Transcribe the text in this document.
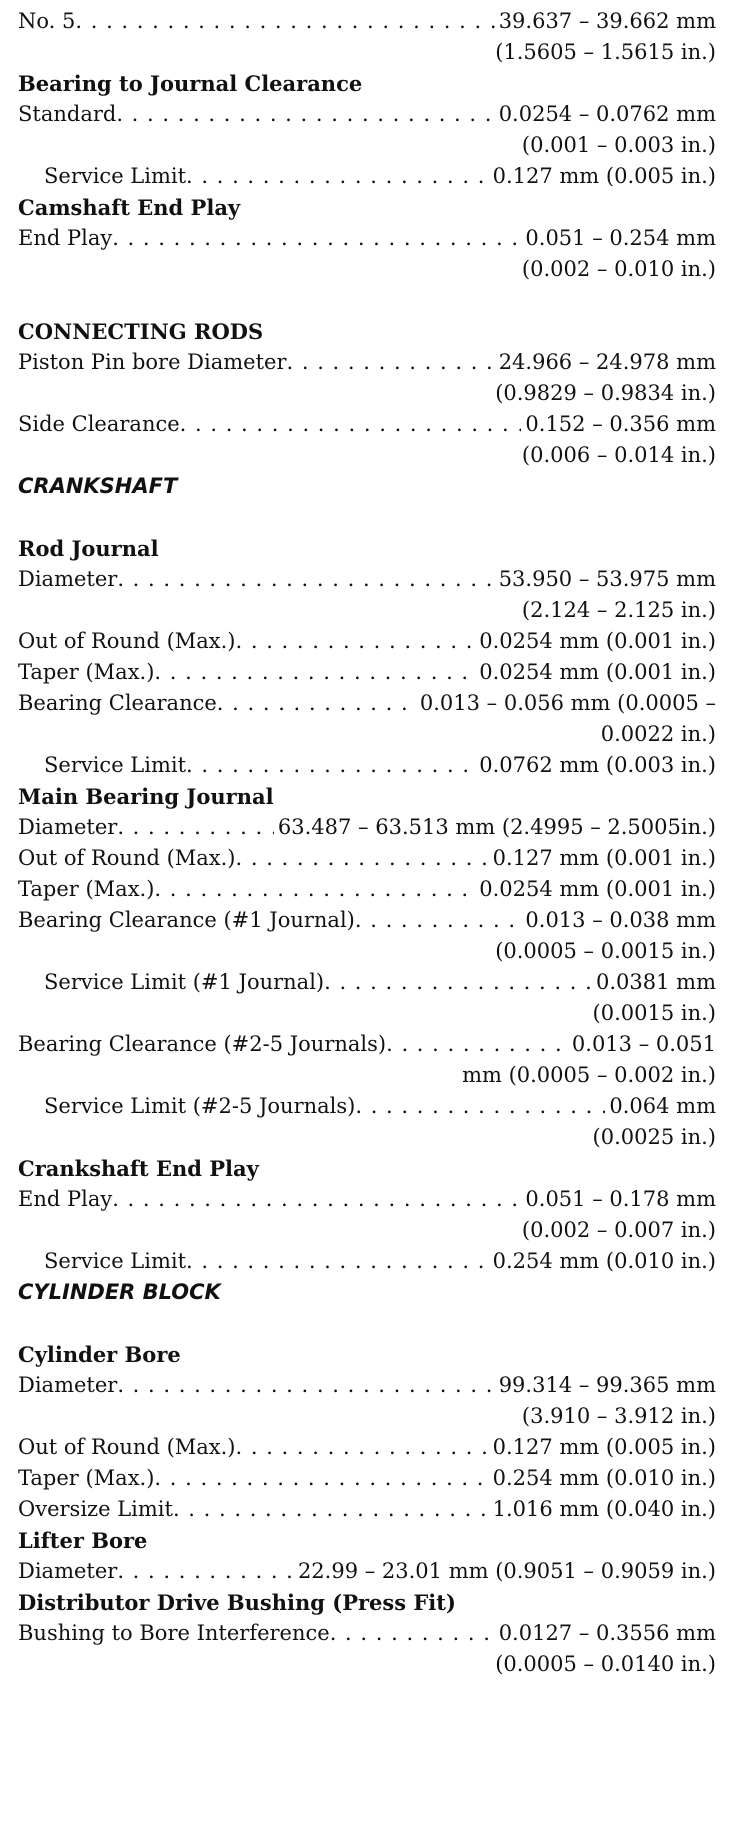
No. 5 . . .	39.637 – 39.662 mm
(1.5605 – 1.5615 in.)
Bearing to Journal Clearance
Standard . . .	0.0254 – 0.0762 mm
(0.001 – 0.003 in.)
Service Limit . . .	0.127 mm (0.005 in.)
Camshaft End Play
End Play . . .	0.051 – 0.254 mm
(0.002 – 0.010 in.)
CONNECTING RODS
Piston Pin bore Diameter . . .	24.966 – 24.978 mm
(0.9829 – 0.9834 in.)
Side Clearance . . .	0.152 – 0.356 mm
(0.006 – 0.014 in.)
CRANKSHAFT
Rod Journal
Diameter . . .	53.950 – 53.975 mm
(2.124 – 2.125 in.)
Out of Round (Max.) . . .	0.0254 mm (0.001 in.)
Taper (Max.) . . .	0.0254 mm (0.001 in.)
Bearing Clearance . . .	0.013 – 0.056 mm (0.0005 –
0.0022 in.)
Service Limit . . .	0.0762 mm (0.003 in.)
Main Bearing Journal
Diameter . . .	63.487 – 63.513 mm (2.4995 – 2.5005in.)
Out of Round (Max.) . . .	0.127 mm (0.001 in.)
Taper (Max.) . . .	0.0254 mm (0.001 in.)
Bearing Clearance (#1 Journal) . . .	0.013 – 0.038 mm
(0.0005 – 0.0015 in.)
Service Limit (#1 Journal) . . .	0.0381 mm
(0.0015 in.)
Bearing Clearance (#2-5 Journals) . . .	0.013 – 0.051
mm (0.0005 – 0.002 in.)
Service Limit (#2-5 Journals) . . .	0.064 mm
(0.0025 in.)
Crankshaft End Play
End Play . . .	0.051 – 0.178 mm
(0.002 – 0.007 in.)
Service Limit . . .	0.254 mm (0.010 in.)
CYLINDER BLOCK
Cylinder Bore
Diameter . . .	99.314 – 99.365 mm
(3.910 – 3.912 in.)
Out of Round (Max.) . . .	0.127 mm (0.005 in.)
Taper (Max.) . . .	0.254 mm (0.010 in.)
Oversize Limit . . .	1.016 mm (0.040 in.)
Lifter Bore
Diameter . . .	22.99 – 23.01 mm (0.9051 – 0.9059 in.)
Distributor Drive Bushing (Press Fit)
Bushing to Bore Interference . . .	0.0127 – 0.3556 mm
(0.0005 – 0.0140 in.)
